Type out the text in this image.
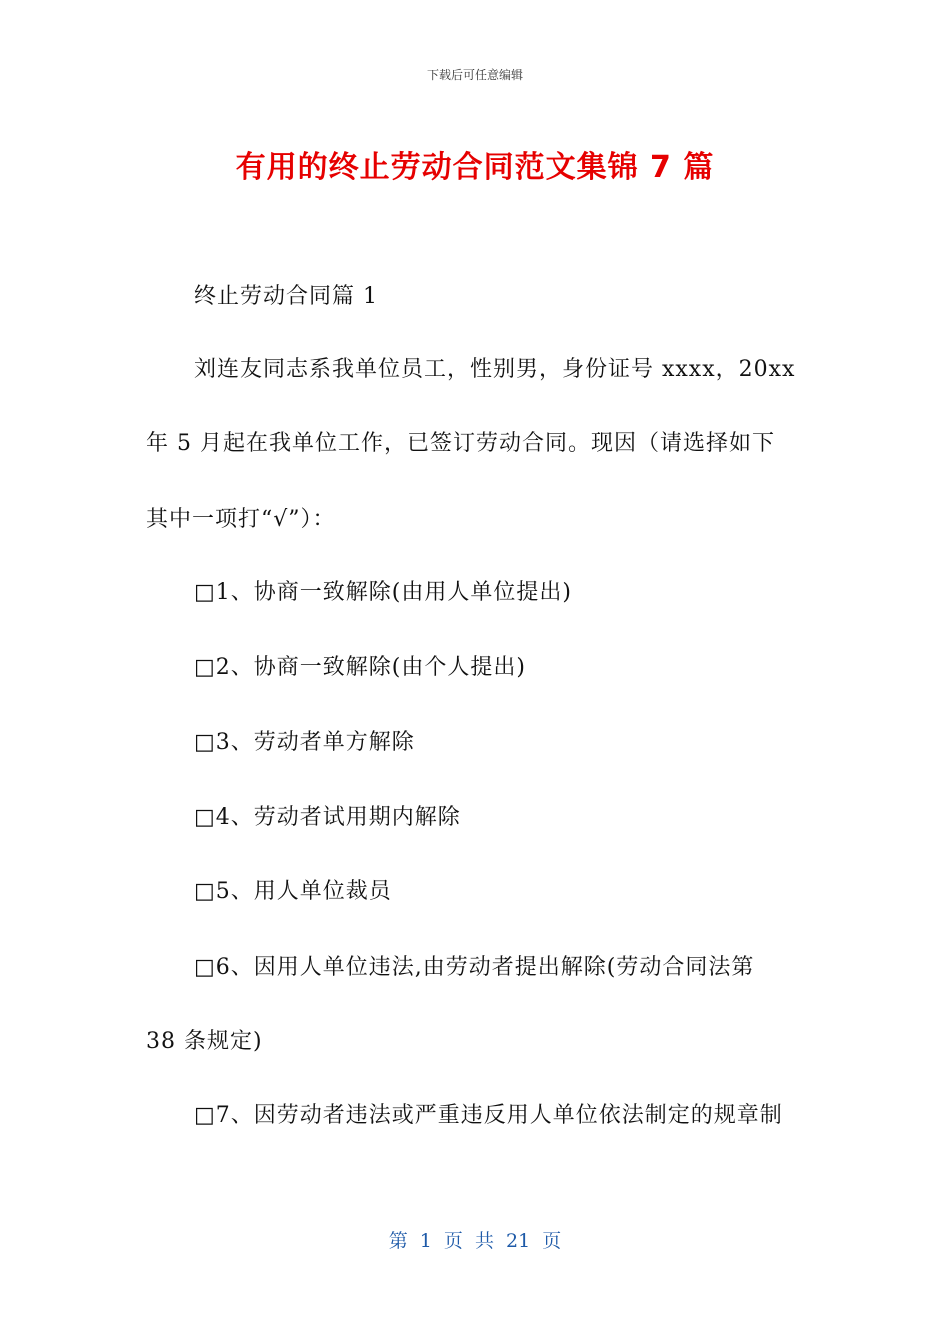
下载后可任意编辑
有用的终止劳动合同范文集锦 7 篇
终止劳动合同篇 1
刘连友同志系我单位员工，性别男，身份证号 xxxx，20xx
年 5 月起在我单位工作，已签订劳动合同。现因（请选择如下
其中一项打“√”）：
□1、协商一致解除(由用人单位提出)
□2、协商一致解除(由个人提出)
□3、劳动者单方解除
□4、劳动者试用期内解除
□5、用人单位裁员
□6、因用人单位违法,由劳动者提出解除(劳动合同法第
38 条规定)
□7、因劳动者违法或严重违反用人单位依法制定的规章制
第 1 页 共 21 页
